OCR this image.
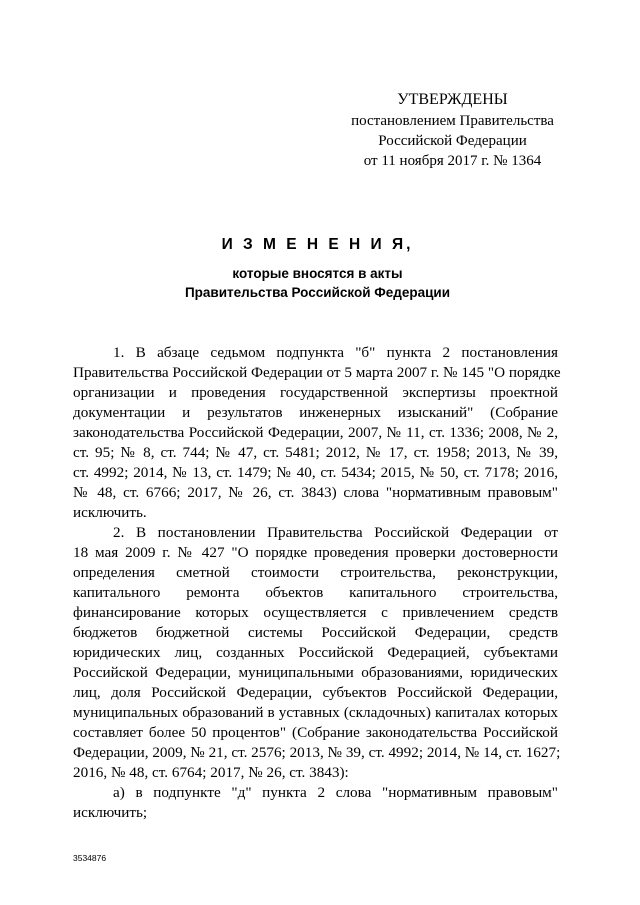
УТВЕРЖДЕНЫ
постановлением Правительства
Российской Федерации
от 11 ноября 2017 г. № 1364
И З М Е Н Е Н И Я,
которые вносятся в акты
Правительства Российской Федерации
1. В абзаце седьмом подпункта "б" пункта 2 постановления
Правительства Российской Федерации от 5 марта 2007 г. № 145 "О порядке
организации и проведения государственной экспертизы проектной
документации и результатов инженерных изысканий" (Собрание
законодательства Российской Федерации, 2007, № 11, ст. 1336; 2008, № 2,
ст. 95; № 8, ст. 744; № 47, ст. 5481; 2012, № 17, ст. 1958; 2013, № 39,
ст. 4992; 2014, № 13, ст. 1479; № 40, ст. 5434; 2015, № 50, ст. 7178; 2016,
№ 48, ст. 6766; 2017, № 26, ст. 3843) слова "нормативным правовым"
исключить.
2. В постановлении Правительства Российской Федерации от
18 мая 2009 г. № 427 "О порядке проведения проверки достоверности
определения сметной стоимости строительства, реконструкции,
капитального ремонта объектов капитального строительства,
финансирование которых осуществляется с привлечением средств
бюджетов бюджетной системы Российской Федерации, средств
юридических лиц, созданных Российской Федерацией, субъектами
Российской Федерации, муниципальными образованиями, юридических
лиц, доля Российской Федерации, субъектов Российской Федерации,
муниципальных образований в уставных (складочных) капиталах которых
составляет более 50 процентов" (Собрание законодательства Российской
Федерации, 2009, № 21, ст. 2576; 2013, № 39, ст. 4992; 2014, № 14, ст. 1627;
2016, № 48, ст. 6764; 2017, № 26, ст. 3843):
а) в подпункте "д" пункта 2 слова "нормативным правовым"
исключить;
3534876
